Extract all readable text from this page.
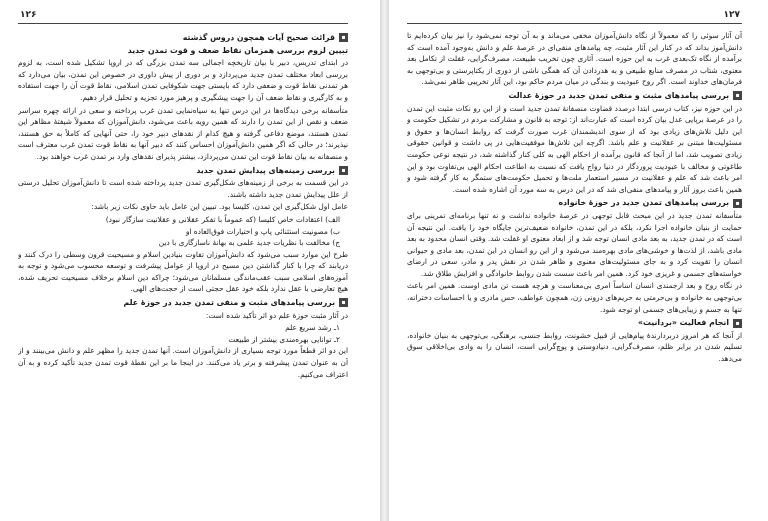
۱۲۶
▪
قرائت صحیح آیات همچون دروس گذشته
تبیین لزوم بررسی همزمان نقاط ضعف و قوت تمدن جدید

در ابتدای تدریس، دبیر با بیان تاریخچه اجمالی سه تمدن بزرگی که در اروپا تشکیل شده است، به لزوم بررسی ابعاد مختلف تمدن جدید می‌پردازد و بر دوری از پیش داوری در خصوص این تمدن، بیان می‌دارد که هر تمدنی نقاط قوت و ضعفی دارد که بایستی جهت شکوفایی تمدن اسلامی، نقاط قوت آن را جهت استفاده و به کارگیری و نقاط ضعف آن را جهت پیشگیری و پرهیز مورد تجزیه و تحلیل قرار دهیم.

متأسفانه برخی دیدگاه‌ها در این درس تنها به سیاه‌نمایی تمدن غرب پرداخته و سعی در ارائه چهره سراسر ضعف و نقص از این تمدن را دارند که همین رویه باعث می‌شود، دانش‌آموزان که معمولاً شیفتهٔ مظاهر این تمدن هستند، موضع دفاعی گرفته و هیچ کدام از نقدهای دبیر خود را، حتی آنهایی که کاملاً به حق هستند، نپذیرند؛ در حالی که اگر همین دانش‌آموزان احساس کنند که دبیر آنها به نقاط قوت تمدن غرب معترف است و منصفانه به بیان نقاط قوت این تمدن می‌پردازد، بیشتر پذیرای نقدهای وارد بر تمدن غرب خواهند بود.

▪
بررسی زمینه‌های پیدایش تمدن جدید

در این قسمت به برخی از زمینه‌های شکل‌گیری تمدن جدید پرداخته شده است تا دانش‌آموزان تحلیل درستی از علل پیدایش تمدن جدید داشته باشند.

عامل اول شکل‌گیری این تمدن، کلیسا بود. تبیین این عامل باید حاوی نکات زیر باشد:

الف) اعتقادات خاص کلیسا (که عموماً با تفکر عقلانی و عقلانیت سازگار نبود)
ب) مصونیت استثنائی پاپ و اختیارات فوق‌العاده او
ج) مخالفت با نظریات جدید علمی به بهانهٔ ناسازگاری با دین

طرح این موارد سبب می‌شود که دانش‌آموزان تفاوت بنیادین اسلام و مسیحیت قرون وسطی را درک کنند و دریابند که چرا با کنار گذاشتن دین مسیح در اروپا از عوامل پیشرفت و توسعه محسوب می‌شود و توجه به آموزه‌های اسلامی سبب عقب‌ماندگی مسلمانان می‌شود؛ چراکه دین اسلام برخلاف مسیحیت تحریف شده، هیچ تعارضی با عقل ندارد بلکه خود عقل حجتی است از حجت‌های الهی.

▪
بررسی پیامدهای مثبت و منفی تمدن جدید در حوزهٔ علم

در آثار مثبت حوزهٔ علم دو اثر تأکید شده است:

۱ـ رشد سریع علم
۲ـ توانایی بهره‌مندی بیشتر از طبیعت

این دو اثر قطعاً مورد توجه بسیاری از دانش‌آموزان است. آنها تمدن جدید را مظهر علم و دانش می‌بینند و از آن به عنوان تمدن پیشرفته و برتر یاد می‌کنند. در اینجا ما بر این نقطهٔ قوت تمدن جدید تأکید کرده و به آن اعتراف می‌کنیم.

۱۲۷

آن آثار سوئی را که معمولاً از نگاه دانش‌آموزان مخفی می‌ماند و به آن توجه نمی‌شود را نیز بیان کرده‌ایم تا دانش‌آموز بداند که در کنار این آثار مثبت، چه پیامدهای منفی‌ای در عرصهٔ علم و دانش به‌وجود آمده است که برآمده از نگاه تک‌بعدی غرب به این حوزه است. آثاری چون تخریب طبیعت، مصرف‌گرایی، غفلت از تکامل بعد معنوی، شتاب در مصرف منابع طبیعی و به هدردادن آن که همگی ناشی از دوری از یکتاپرستی و بی‌توجهی به فرمان‌های خداوند است. اگر روح عبودیت و بندگی در میان مردم حاکم بود، این آثار تخریبی ظاهر نمی‌شد.

▪
بررسی پیامدهای مثبت و منفی تمدن جدید در حوزهٔ عدالت

در این حوزه نیز، کتاب درسی ابتدا درصدد قضاوت منصفانهٔ تمدن جدید است و از این رو نکات مثبت این تمدن را در عرصهٔ برپایی عدل بیان کرده است که عبارت‌اند از: توجه به قانون و مشارکت مردم در تشکیل حکومت و این دلیل تلاش‌های زیادی بود که از سوی اندیشمندان غرب صورت گرفت که روابط انسان‌ها و حقوق و مسئولیت‌ها مبتنی بر عقلانیت و علم باشد. اگرچه این تلاش‌ها موفقیت‌هایی در پی داشت و قوانین حقوقی زیادی تصویب شد، اما از آنجا که قانون برآمده از احکام الهی به کلی کنار گذاشته شد، در نتیجه نوعی حکومت طاغوتی و مخالف با عبودیت پروردگار در دنیا رواج یافت که نسبت به اطاعت احکام الهی بی‌تفاوت بود و این امر باعث شد که علم و عقلانیت در مسیر استعمار ملت‌ها و تحمیل حکومت‌های ستمگر به کار گرفته شود و همین باعث بروز آثار و پیامدهای منفی‌ای شد که در این درس به سه مورد آن اشاره شده است.

▪
بررسی پیامدهای تمدن جدید در حوزهٔ خانواده

متأسفانه تمدن جدید در این مبحث قابل توجهی در عرصهٔ خانواده نداشت و نه تنها برنامه‌ای تمرینی برای حمایت از بنیان خانواده اجرا نکرد، بلکه در این تمدن، خانواده ضعیف‌ترین جایگاه خود را یافت. این نتیجه آن است که در تمدن جدید، به بعد مادی انسان توجه شد و از ابعاد معنوی او غفلت شد. وقتی انسان محدود به بعد مادی باشد، از لذت‌ها و خوشی‌های مادی بهره‌مند می‌شود و از این رو انسان در این تمدن، بعد مادی و حیوانی انسان را تقویت کرد و به جای مسئولیت‌های معنوی و ظاهر شدن در نقش پدر و مادر، سعی در ارضای خواسته‌های جسمی و غریزی خود کرد. همین امر باعث سست شدن روابط خانوادگی و افزایش طلاق شد.

در نگاه روح و بعد ارجمندی انسان اساساً امری بی‌معناست و هرچه هست تن مادی اوست. همین امر باعث بی‌توجهی به خانواده و بی‌حرمتی به حریم‌های درونی زن، همچون عواطف، حس مادری و یا احساسات دخترانه، تنها به جسم و زیبایی‌های جسمی او توجه شود.

▪
انجام فعالیت «بردانیت»

از آنجا که هر امروز دربردارندهٔ پیام‌هایی از قبیل خشونت، روابط جنسی، برهنگی، بی‌توجهی به بنیان خانواده، تسلیم شدن در برابر ظلم، مصرف‌گرایی، دنیادوستی و پوچ‌گرایی است، انسان را به وادی بی‌اخلاقی سوق می‌دهد.
